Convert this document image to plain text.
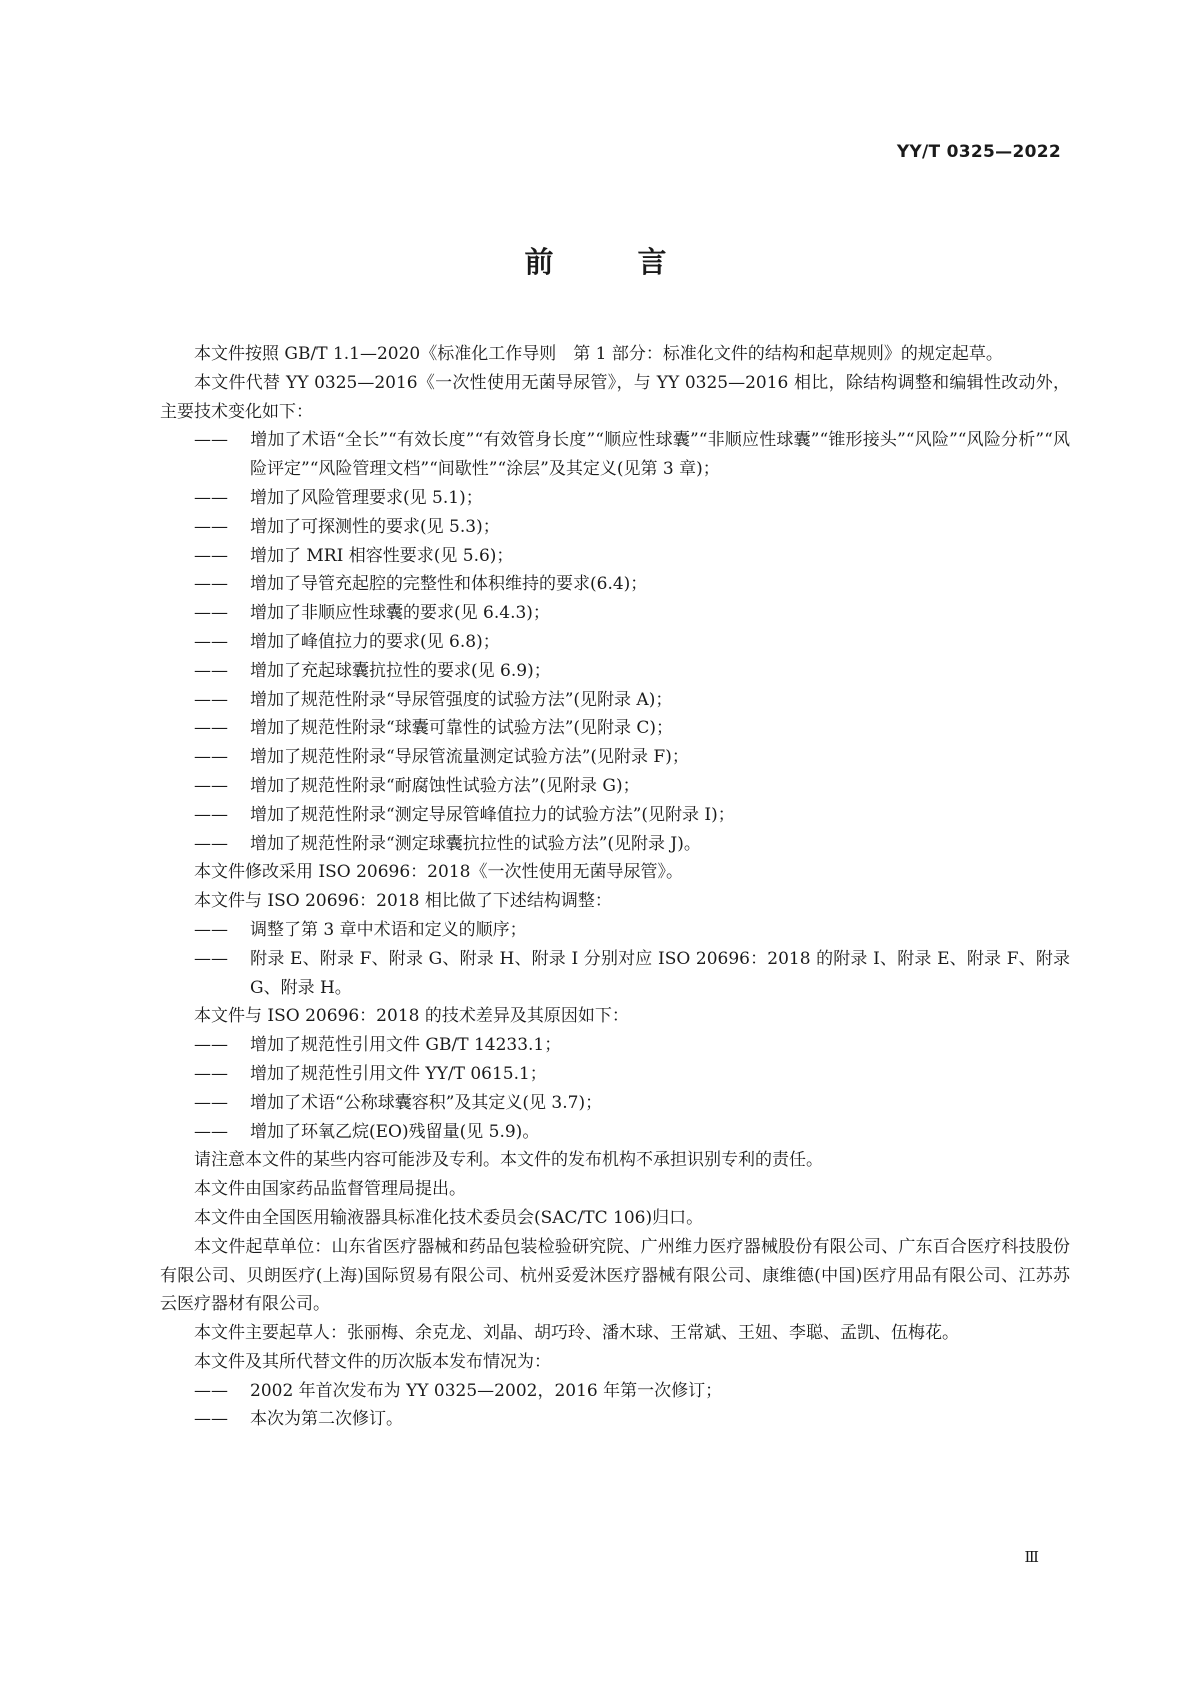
YY/T 0325—2022
前言

本文件按照 GB/T 1.1—2020《标准化工作导则　第 1 部分：标准化文件的结构和起草规则》的规定起草。

本文件代替 YY 0325—2016《一次性使用无菌导尿管》，与 YY 0325—2016 相比，除结构调整和编辑性改动外，主要技术变化如下：

—— 增加了术语“全长”“有效长度”“有效管身长度”“顺应性球囊”“非顺应性球囊”“锥形接头”“风险”“风险分析”“风险评定”“风险管理文档”“间歇性”“涂层”及其定义(见第 3 章)；

—— 增加了风险管理要求(见 5.1)；

—— 增加了可探测性的要求(见 5.3)；

—— 增加了 MRI 相容性要求(见 5.6)；

—— 增加了导管充起腔的完整性和体积维持的要求(6.4)；

—— 增加了非顺应性球囊的要求(见 6.4.3)；

—— 增加了峰值拉力的要求(见 6.8)；

—— 增加了充起球囊抗拉性的要求(见 6.9)；

—— 增加了规范性附录“导尿管强度的试验方法”(见附录 A)；

—— 增加了规范性附录“球囊可靠性的试验方法”(见附录 C)；

—— 增加了规范性附录“导尿管流量测定试验方法”(见附录 F)；

—— 增加了规范性附录“耐腐蚀性试验方法”(见附录 G)；

—— 增加了规范性附录“测定导尿管峰值拉力的试验方法”(见附录 I)；

—— 增加了规范性附录“测定球囊抗拉性的试验方法”(见附录 J)。

本文件修改采用 ISO 20696：2018《一次性使用无菌导尿管》。

本文件与 ISO 20696：2018 相比做了下述结构调整：

—— 调整了第 3 章中术语和定义的顺序；

—— 附录 E、附录 F、附录 G、附录 H、附录 I 分别对应 ISO 20696：2018 的附录 I、附录 E、附录 F、附录 G、附录 H。

本文件与 ISO 20696：2018 的技术差异及其原因如下：

—— 增加了规范性引用文件 GB/T 14233.1；

—— 增加了规范性引用文件 YY/T 0615.1；

—— 增加了术语“公称球囊容积”及其定义(见 3.7)；

—— 增加了环氧乙烷(EO)残留量(见 5.9)。

请注意本文件的某些内容可能涉及专利。本文件的发布机构不承担识别专利的责任。

本文件由国家药品监督管理局提出。

本文件由全国医用输液器具标准化技术委员会(SAC/TC 106)归口。

本文件起草单位：山东省医疗器械和药品包装检验研究院、广州维力医疗器械股份有限公司、广东百合医疗科技股份有限公司、贝朗医疗(上海)国际贸易有限公司、杭州妥爱沐医疗器械有限公司、康维德(中国)医疗用品有限公司、江苏苏云医疗器材有限公司。

本文件主要起草人：张丽梅、余克龙、刘晶、胡巧玲、潘木球、王常斌、王妞、李聪、孟凯、伍梅花。

本文件及其所代替文件的历次版本发布情况为：

—— 2002 年首次发布为 YY 0325—2002，2016 年第一次修订；

—— 本次为第二次修订。

Ⅲ
